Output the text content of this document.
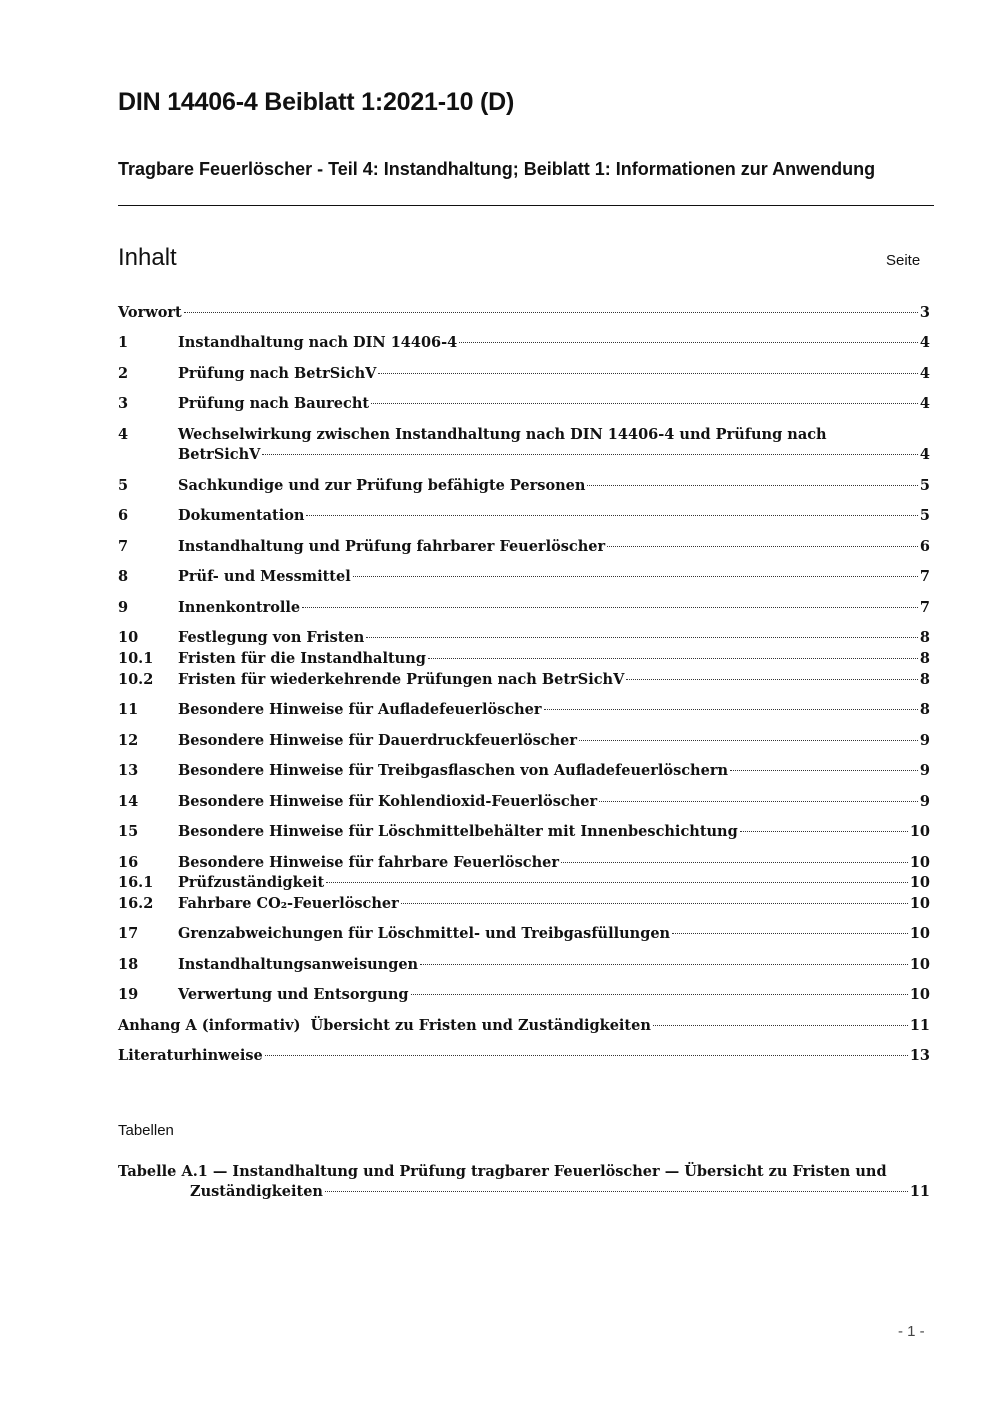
DIN 14406-4 Beiblatt 1:2021-10 (D)
Tragbare Feuerlöscher - Teil 4: Instandhaltung; Beiblatt 1: Informationen zur Anwendung
Inhalt	Seite
Vorwort	3
1	Instandhaltung nach DIN 14406-4	4
2	Prüfung nach BetrSichV	4
3	Prüfung nach Baurecht	4
4	Wechselwirkung zwischen Instandhaltung nach DIN 14406-4 und Prüfung nach
BetrSichV	4
5	Sachkundige und zur Prüfung befähigte Personen	5
6	Dokumentation	5
7	Instandhaltung und Prüfung fahrbarer Feuerlöscher	6
8	Prüf- und Messmittel	7
9	Innenkontrolle	7
10	Festlegung von Fristen	8
10.1 Fristen für die Instandhaltung	8
10.2 Fristen für wiederkehrende Prüfungen nach BetrSichV	8
11	Besondere Hinweise für Aufladefeuerlöscher	8
12	Besondere Hinweise für Dauerdruckfeuerlöscher	9
13	Besondere Hinweise für Treibgasflaschen von Aufladefeuerlöschern	9
14	Besondere Hinweise für Kohlendioxid-Feuerlöscher	9
15	Besondere Hinweise für Löschmittelbehälter mit Innenbeschichtung	10
16	Besondere Hinweise für fahrbare Feuerlöscher	10
16.1 Prüfzuständigkeit	10
16.2 Fahrbare CO₂-Feuerlöscher	10
17	Grenzabweichungen für Löschmittel- und Treibgasfüllungen	10
18	Instandhaltungsanweisungen	10
19	Verwertung und Entsorgung	10
Anhang A (informativ)  Übersicht zu Fristen und Zuständigkeiten	11
Literaturhinweise	13
Tabellen
Tabelle A.1 — Instandhaltung und Prüfung tragbarer Feuerlöscher — Übersicht zu Fristen und
Zuständigkeiten	11
- 1 -
